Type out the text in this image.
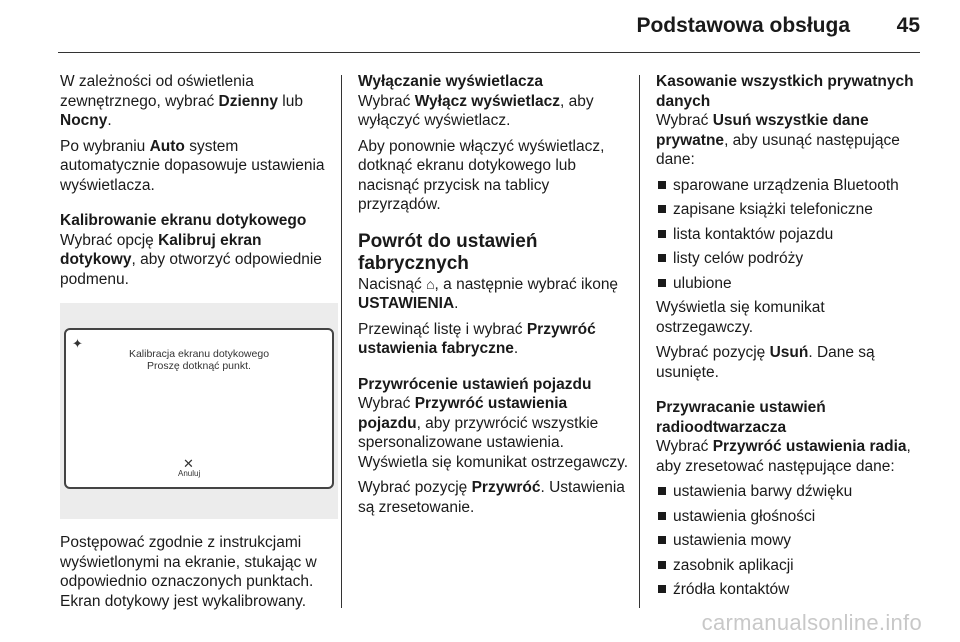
Podstawowa obsługa 45

W zależności od oświetlenia zewnętrznego, wybrać Dzienny lub Nocny.

Po wybraniu Auto system automatycznie dopasowuje ustawienia wyświetlacza.

Kalibrowanie ekranu dotykowego

Wybrać opcję Kalibruj ekran dotykowy, aby otworzyć odpowiednie podmenu.

✦
Kalibracja ekranu dotykowego
Proszę dotknąć punkt.
✕
Anuluj

Postępować zgodnie z instrukcjami wyświetlonymi na ekranie, stukając w odpowiednio oznaczonych punktach. Ekran dotykowy jest wykalibrowany.

Wyłączanie wyświetlacza

Wybrać Wyłącz wyświetlacz, aby wyłączyć wyświetlacz.

Aby ponownie włączyć wyświetlacz, dotknąć ekranu dotykowego lub nacisnąć przycisk na tablicy przyrządów.

Powrót do ustawień fabrycznych

Nacisnąć ⌂, a następnie wybrać ikonę USTAWIENIA.

Przewinąć listę i wybrać Przywróć ustawienia fabryczne.

Przywrócenie ustawień pojazdu

Wybrać Przywróć ustawienia pojazdu, aby przywrócić wszystkie spersonalizowane ustawienia. Wyświetla się komunikat ostrzegawczy.

Wybrać pozycję Przywróć. Ustawienia są zresetowanie.

Kasowanie wszystkich prywatnych danych

Wybrać Usuń wszystkie dane prywatne, aby usunąć następujące dane:

sparowane urządzenia Bluetooth
zapisane książki telefoniczne
lista kontaktów pojazdu
listy celów podróży
ulubione

Wyświetla się komunikat ostrzegawczy.

Wybrać pozycję Usuń. Dane są usunięte.

Przywracanie ustawień radioodtwarzacza

Wybrać Przywróć ustawienia radia, aby zresetować następujące dane:

ustawienia barwy dźwięku
ustawienia głośności
ustawienia mowy
zasobnik aplikacji
źródła kontaktów
carmanualsonline.info
